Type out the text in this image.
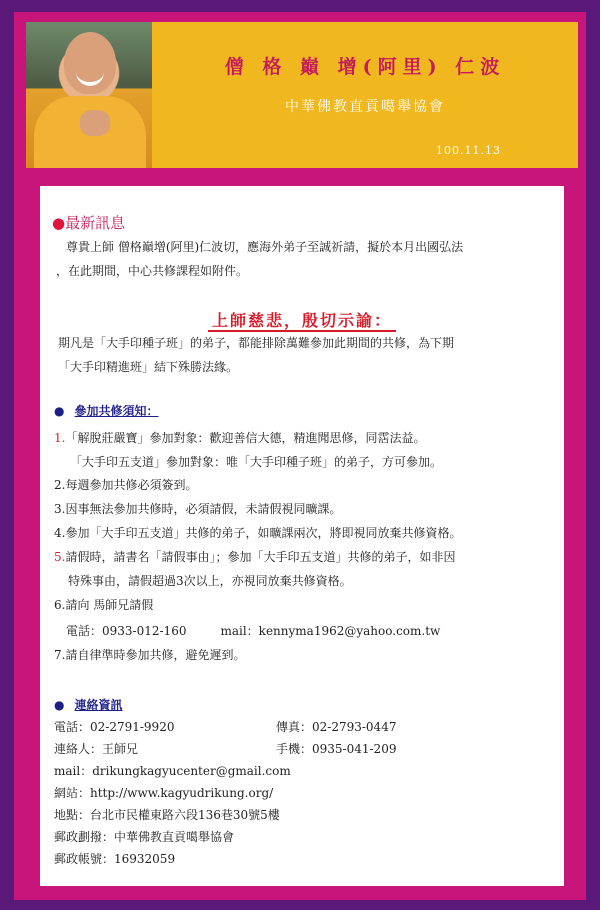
僧 格 巔 增(阿里) 仁波
中華佛教直貢噶舉協會
100.11.13
●最新訊息
尊貴上師 僧格巔增(阿里)仁波切，應海外弟子至誠祈請，擬於本月出國弘法
，在此期間，中心共修課程如附件。
上師慈悲，殷切示諭：
期凡是「大手印種子班」的弟子，都能排除萬難參加此期間的共修，為下期
「大手印精進班」結下殊勝法緣。
● 參加共修須知：
1.「解脫莊嚴寶」參加對象：歡迎善信大德，精進聞思修，同霑法益。
「大手印五支道」參加對象：唯「大手印種子班」的弟子，方可參加。
2.每週參加共修必須簽到。
3.因事無法參加共修時，必須請假，未請假視同曠課。
4.參加「大手印五支道」共修的弟子，如曠課兩次，將即視同放棄共修資格。
5.請假時，請書名「請假事由」；參加「大手印五支道」共修的弟子，如非因
特殊事由，請假超過3次以上，亦視同放棄共修資格。
6.請向 馬師兄請假
電話：0933-012-160	mail：kennyma1962@yahoo.com.tw
7.請自律準時參加共修，避免遲到。
● 連絡資訊
電話：02-2791-9920	傳真：02-2793-0447
連絡人：王師兄	手機：0935-041-209
mail：drikungkagyucenter@gmail.com
網站：http://www.kagyudrikung.org/
地點：台北市民權東路六段136巷30號5樓
郵政劃撥：中華佛教直貢噶舉協會
郵政帳號：16932059
